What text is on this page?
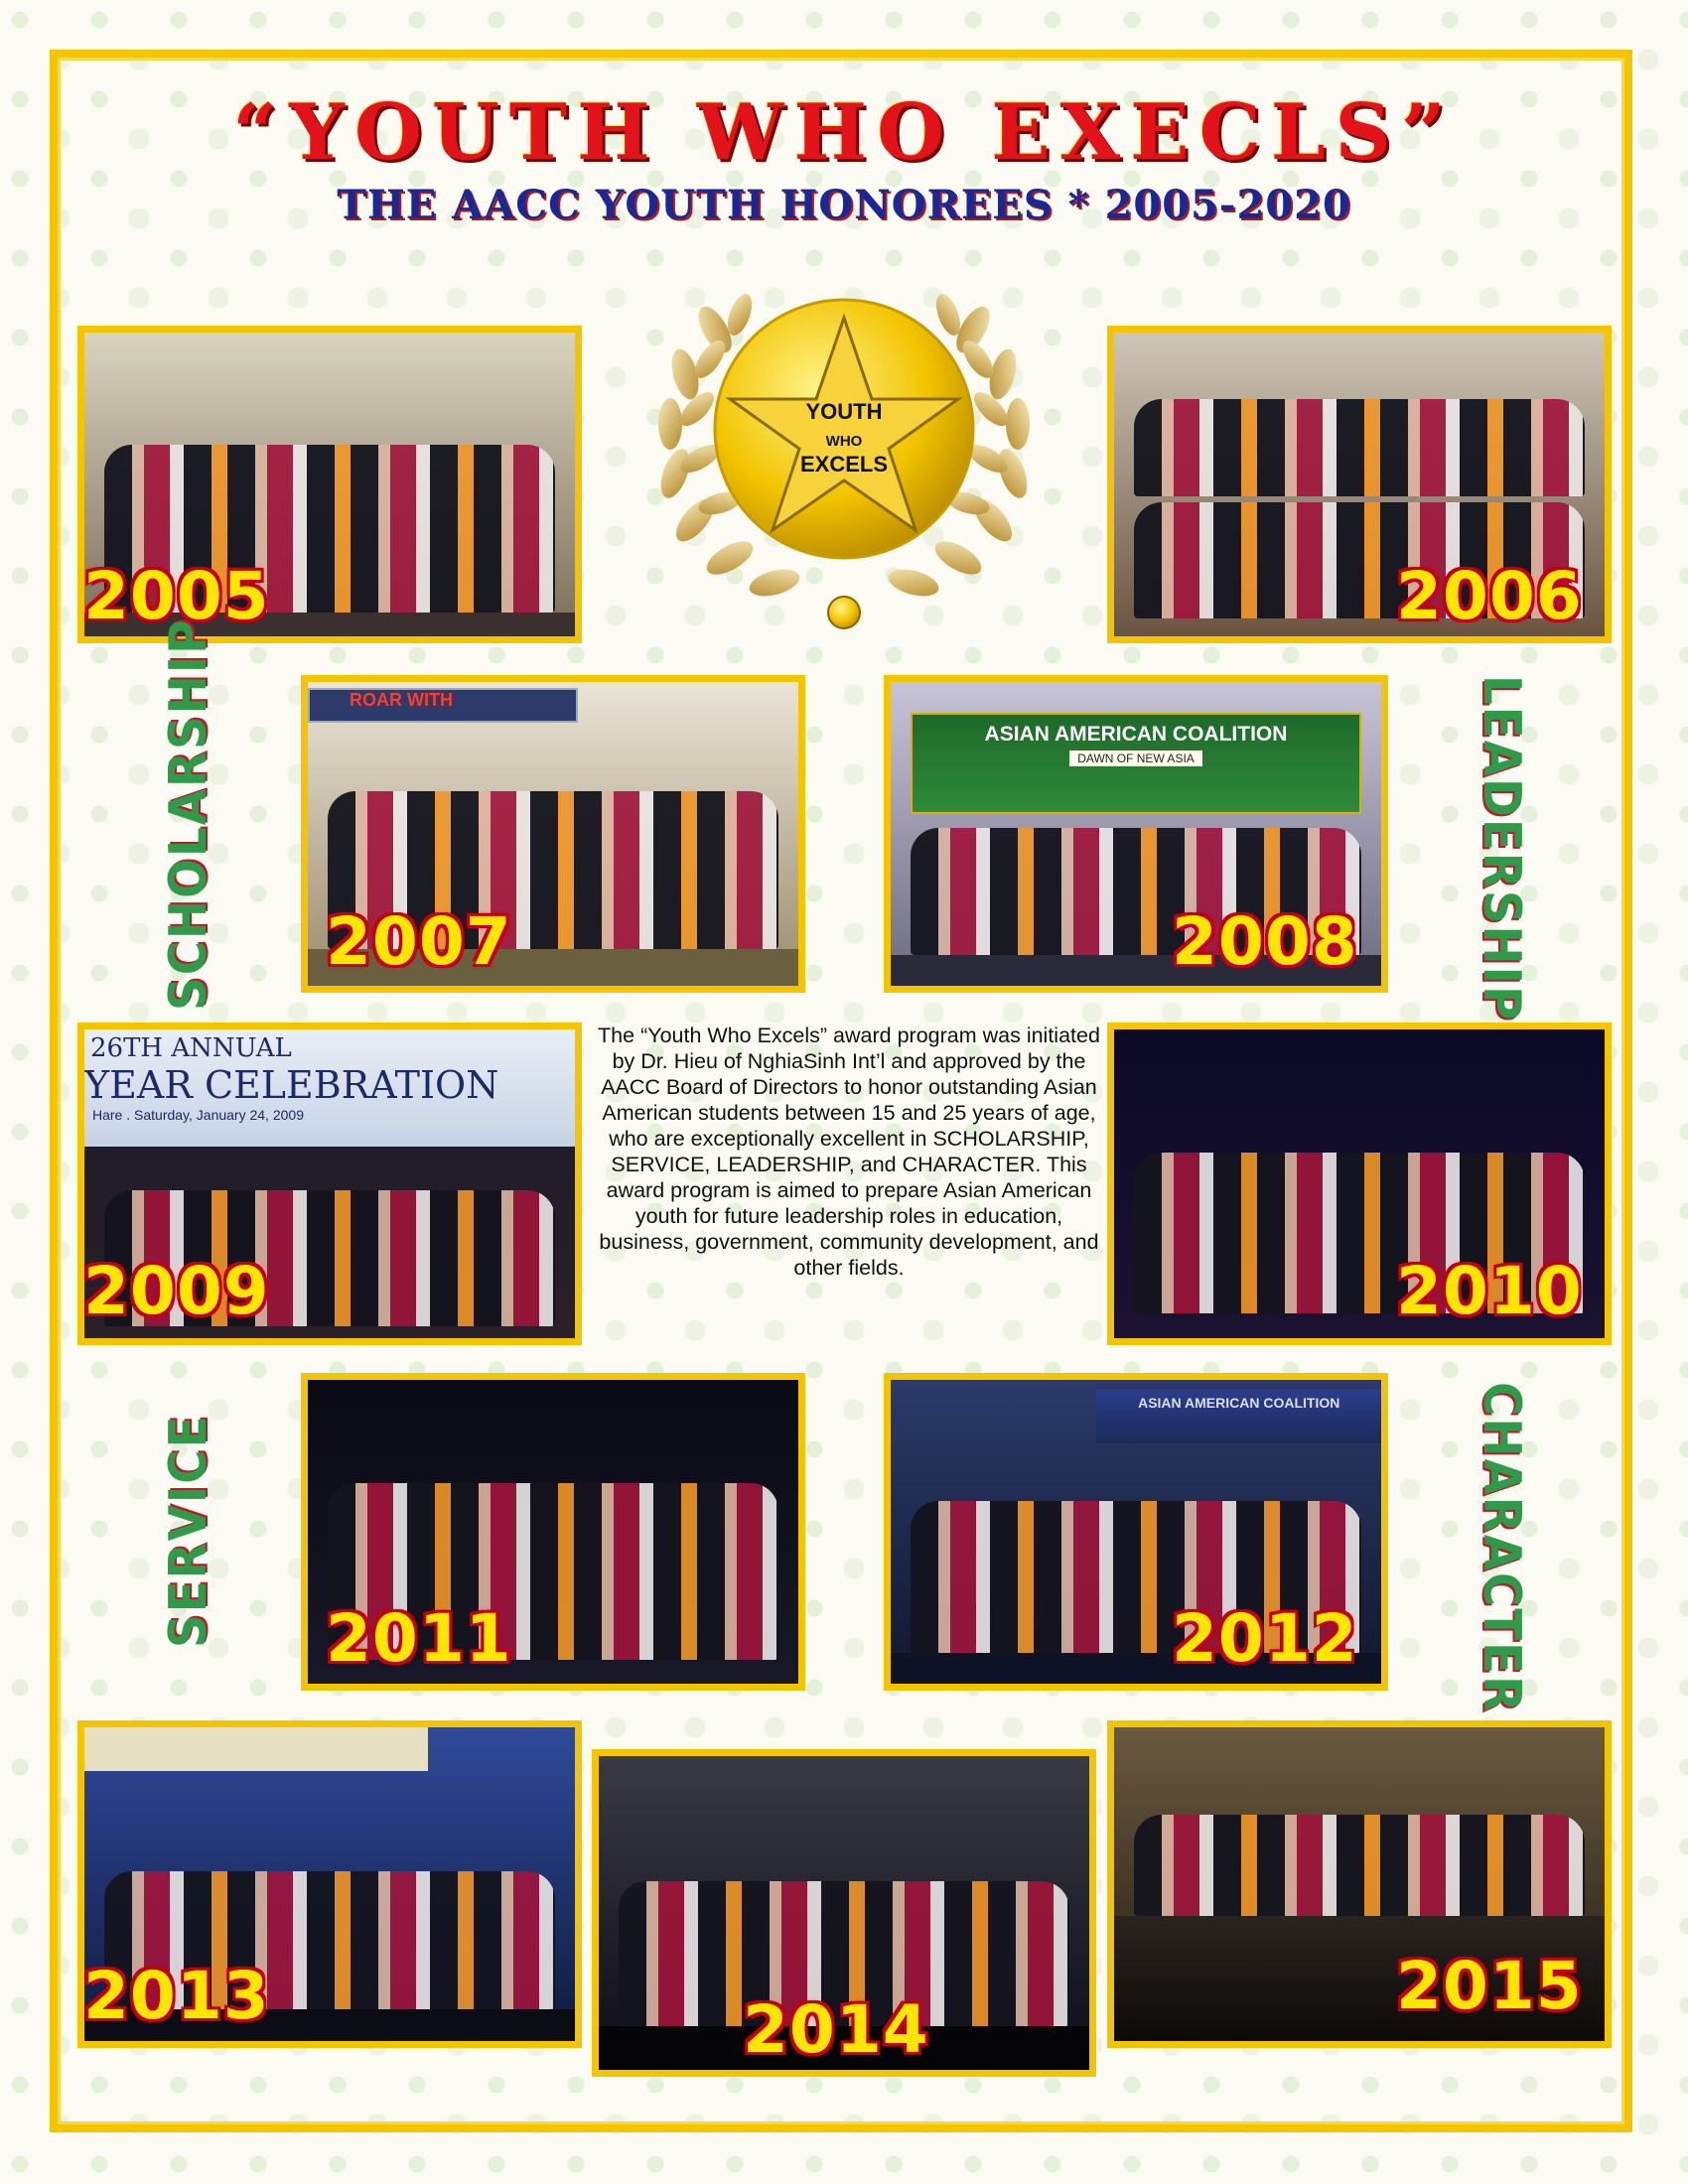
“YOUTH WHO EXECLS”
THE AACC YOUTH HONOREES * 2005-2020
YOUTH
WHO
EXCELS
2005	2006
ROAR WITH
2007
ASIAN AMERICAN COALITION
DAWN OF NEW ASIA
2008
26TH ANNUAL
YEAR CELEBRATION
Hare . Saturday, January 24, 2009
2009	2010
2011
ASIAN AMERICAN COALITION
2012
2013	2014
2015
SCHOLARSHIP	LEADERSHIP
SERVICE	CHARACTER
The “Youth Who Excels” award program was initiated by Dr. Hieu of NghiaSinh Int’l and approved by the AACC Board of Directors to honor outstanding Asian American students between 15 and 25 years of age, who are exceptionally excellent in SCHOLARSHIP, SERVICE, LEADERSHIP, and CHARACTER. This award program is aimed to prepare Asian American youth for future leadership roles in education, business, government, community development, and other fields.
